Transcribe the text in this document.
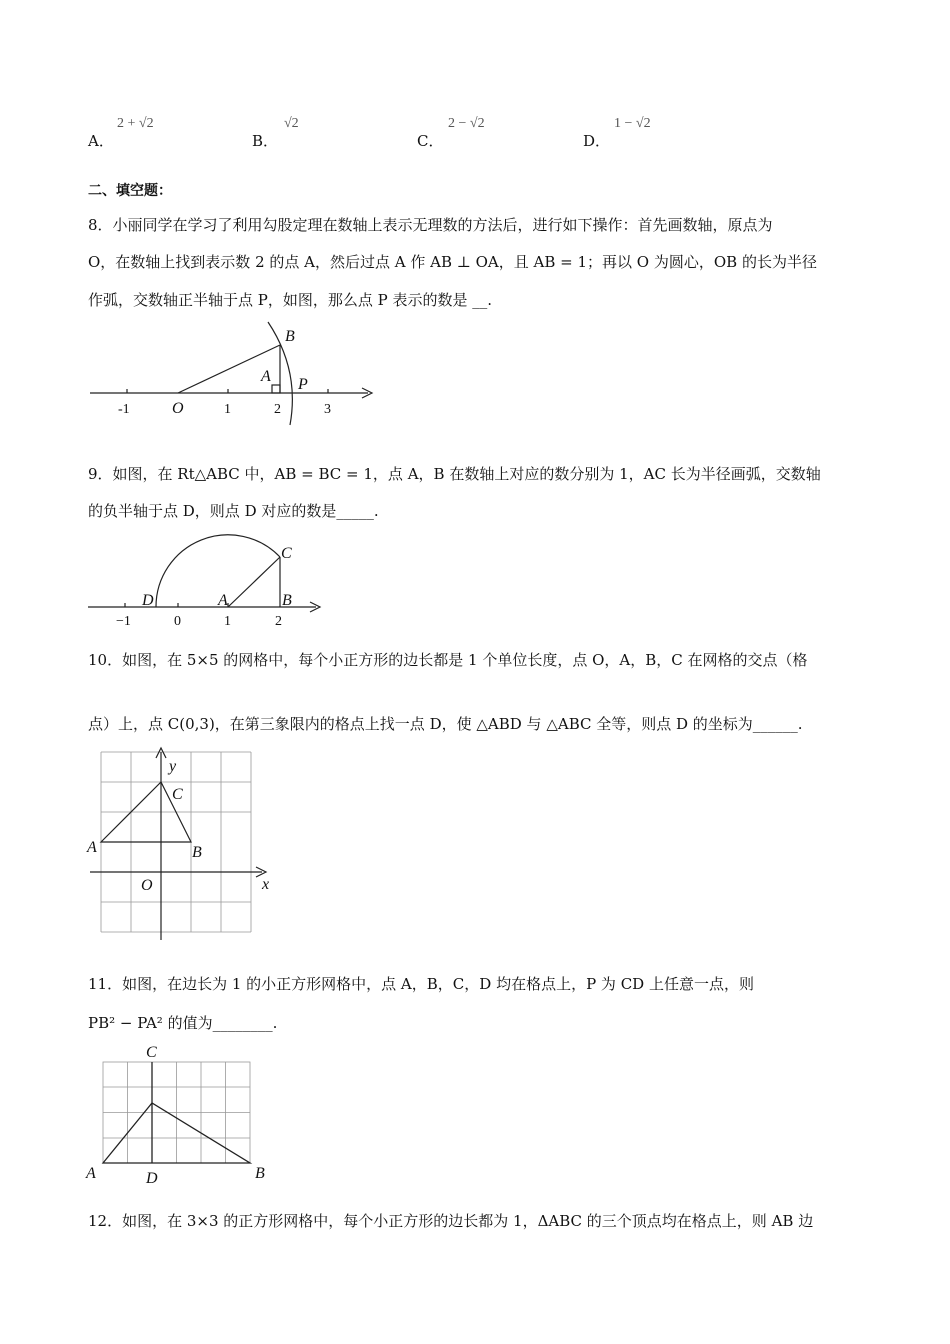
A．
2 + √2
B．
√2
C．
2 − √2
D．
1 − √2
二、填空题：
8．小丽同学在学习了利用勾股定理在数轴上表示无理数的方法后，进行如下操作：首先画数轴，原点为
O，在数轴上找到表示数 2 的点 A，然后过点 A 作 AB ⊥ OA，且 AB = 1；再以 O 为圆心，OB 的长为半径
作弧，交数轴正半轴于点 P，如图，那么点 P 表示的数是 __.
-1	O	1	2	3
B
A P
−1	0	1	2
D	A	B
C
y
x
O
A	B
C
C
A	D	B
9．如图，在 Rt△ABC 中，AB = BC = 1，点 A，B 在数轴上对应的数分别为 1，AC 长为半径画弧，交数轴
的负半轴于点 D，则点 D 对应的数是_____.
10．如图，在 5×5 的网格中，每个小正方形的边长都是 1 个单位长度，点 O，A，B，C 在网格的交点（格
点）上，点 C(0,3)，在第三象限内的格点上找一点 D，使 △ABD 与 △ABC 全等，则点 D 的坐标为______.
11．如图，在边长为 1 的小正方形网格中，点 A，B，C，D 均在格点上，P 为 CD 上任意一点，则
PB² − PA² 的值为________.
12．如图，在 3×3 的正方形网格中，每个小正方形的边长都为 1，ΔABC 的三个顶点均在格点上，则 AB 边
